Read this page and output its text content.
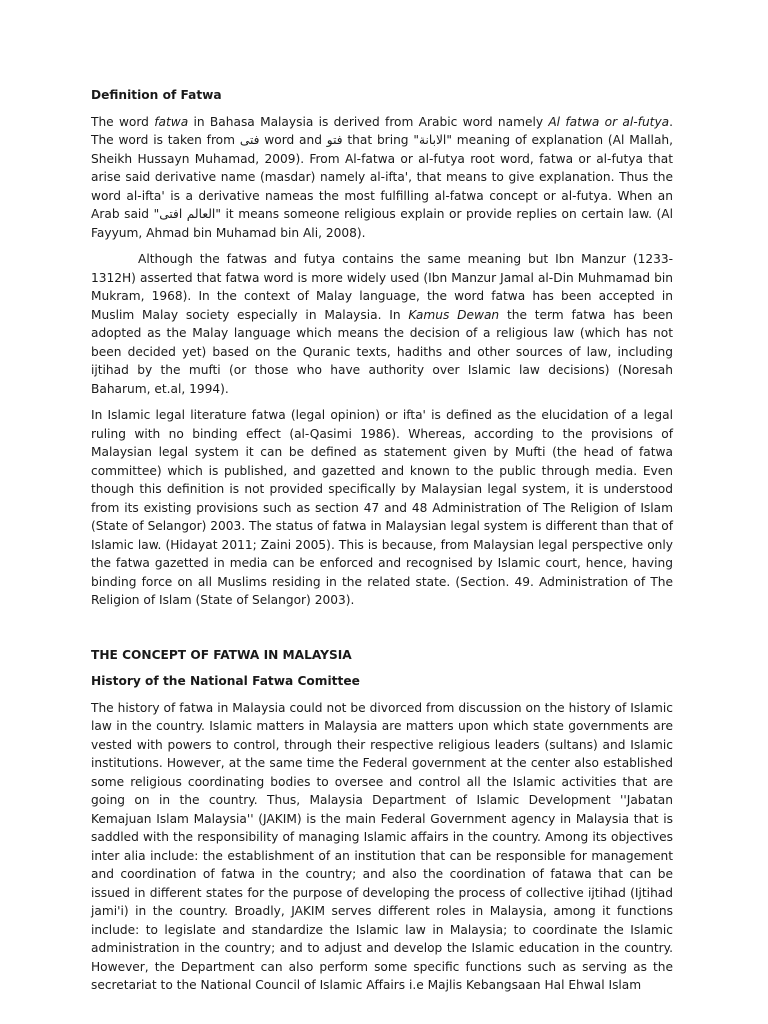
Definition of Fatwa

The word fatwa in Bahasa Malaysia is derived from Arabic word namely Al fatwa or al-futya. The word is taken from فتى word and فتو that bring "الابانة" meaning of explanation (Al Mallah, Sheikh Hussayn Muhamad, 2009). From Al-fatwa or al-futya root word, fatwa or al-futya that arise said derivative name (masdar) namely al-ifta', that means to give explanation. Thus the word al-ifta' is a derivative nameas the most fulfilling al-fatwa concept or al-futya. When an Arab said "العالم افتى" it means someone religious explain or provide replies on certain law. (Al Fayyum, Ahmad bin Muhamad bin Ali, 2008).

Although the fatwas and futya contains the same meaning but Ibn Manzur (1233-1312H) asserted that fatwa word is more widely used (Ibn Manzur Jamal al-Din Muhmamad bin Mukram, 1968). In the context of Malay language, the word fatwa has been accepted in Muslim Malay society especially in Malaysia. In Kamus Dewan the term fatwa has been adopted as the Malay language which means the decision of a religious law (which has not been decided yet) based on the Quranic texts, hadiths and other sources of law, including ijtihad by the mufti (or those who have authority over Islamic law decisions) (Noresah Baharum, et.al, 1994).

In Islamic legal literature fatwa (legal opinion) or ifta' is defined as the elucidation of a legal ruling with no binding effect (al-Qasimi 1986). Whereas, according to the provisions of Malaysian legal system it can be defined as statement given by Mufti (the head of fatwa committee) which is published, and gazetted and known to the public through media. Even though this definition is not provided specifically by Malaysian legal system, it is understood from its existing provisions such as section 47 and 48 Administration of The Religion of Islam (State of Selangor) 2003. The status of fatwa in Malaysian legal system is different than that of Islamic law. (Hidayat 2011; Zaini 2005). This is because, from Malaysian legal perspective only the fatwa gazetted in media can be enforced and recognised by Islamic court, hence, having binding force on all Muslims residing in the related state. (Section. 49. Administration of The Religion of Islam (State of Selangor) 2003).

THE CONCEPT OF FATWA IN MALAYSIA
History of the National Fatwa Comittee

The history of fatwa in Malaysia could not be divorced from discussion on the history of Islamic law in the country. Islamic matters in Malaysia are matters upon which state governments are vested with powers to control, through their respective religious leaders (sultans) and Islamic institutions. However, at the same time the Federal government at the center also established some religious coordinating bodies to oversee and control all the Islamic activities that are going on in the country. Thus, Malaysia Department of Islamic Development ''Jabatan Kemajuan Islam Malaysia'' (JAKIM) is the main Federal Government agency in Malaysia that is saddled with the responsibility of managing Islamic affairs in the country. Among its objectives inter alia include: the establishment of an institution that can be responsible for management and coordination of fatwa in the country; and also the coordination of fatawa that can be issued in different states for the purpose of developing the process of collective ijtihad (Ijtihad jami'i) in the country. Broadly, JAKIM serves different roles in Malaysia, among it functions include: to legislate and standardize the Islamic law in Malaysia; to coordinate the Islamic administration in the country; and to adjust and develop the Islamic education in the country. However, the Department can also perform some specific functions such as serving as the secretariat to the National Council of Islamic Affairs i.e Majlis Kebangsaan Hal Ehwal Islam
